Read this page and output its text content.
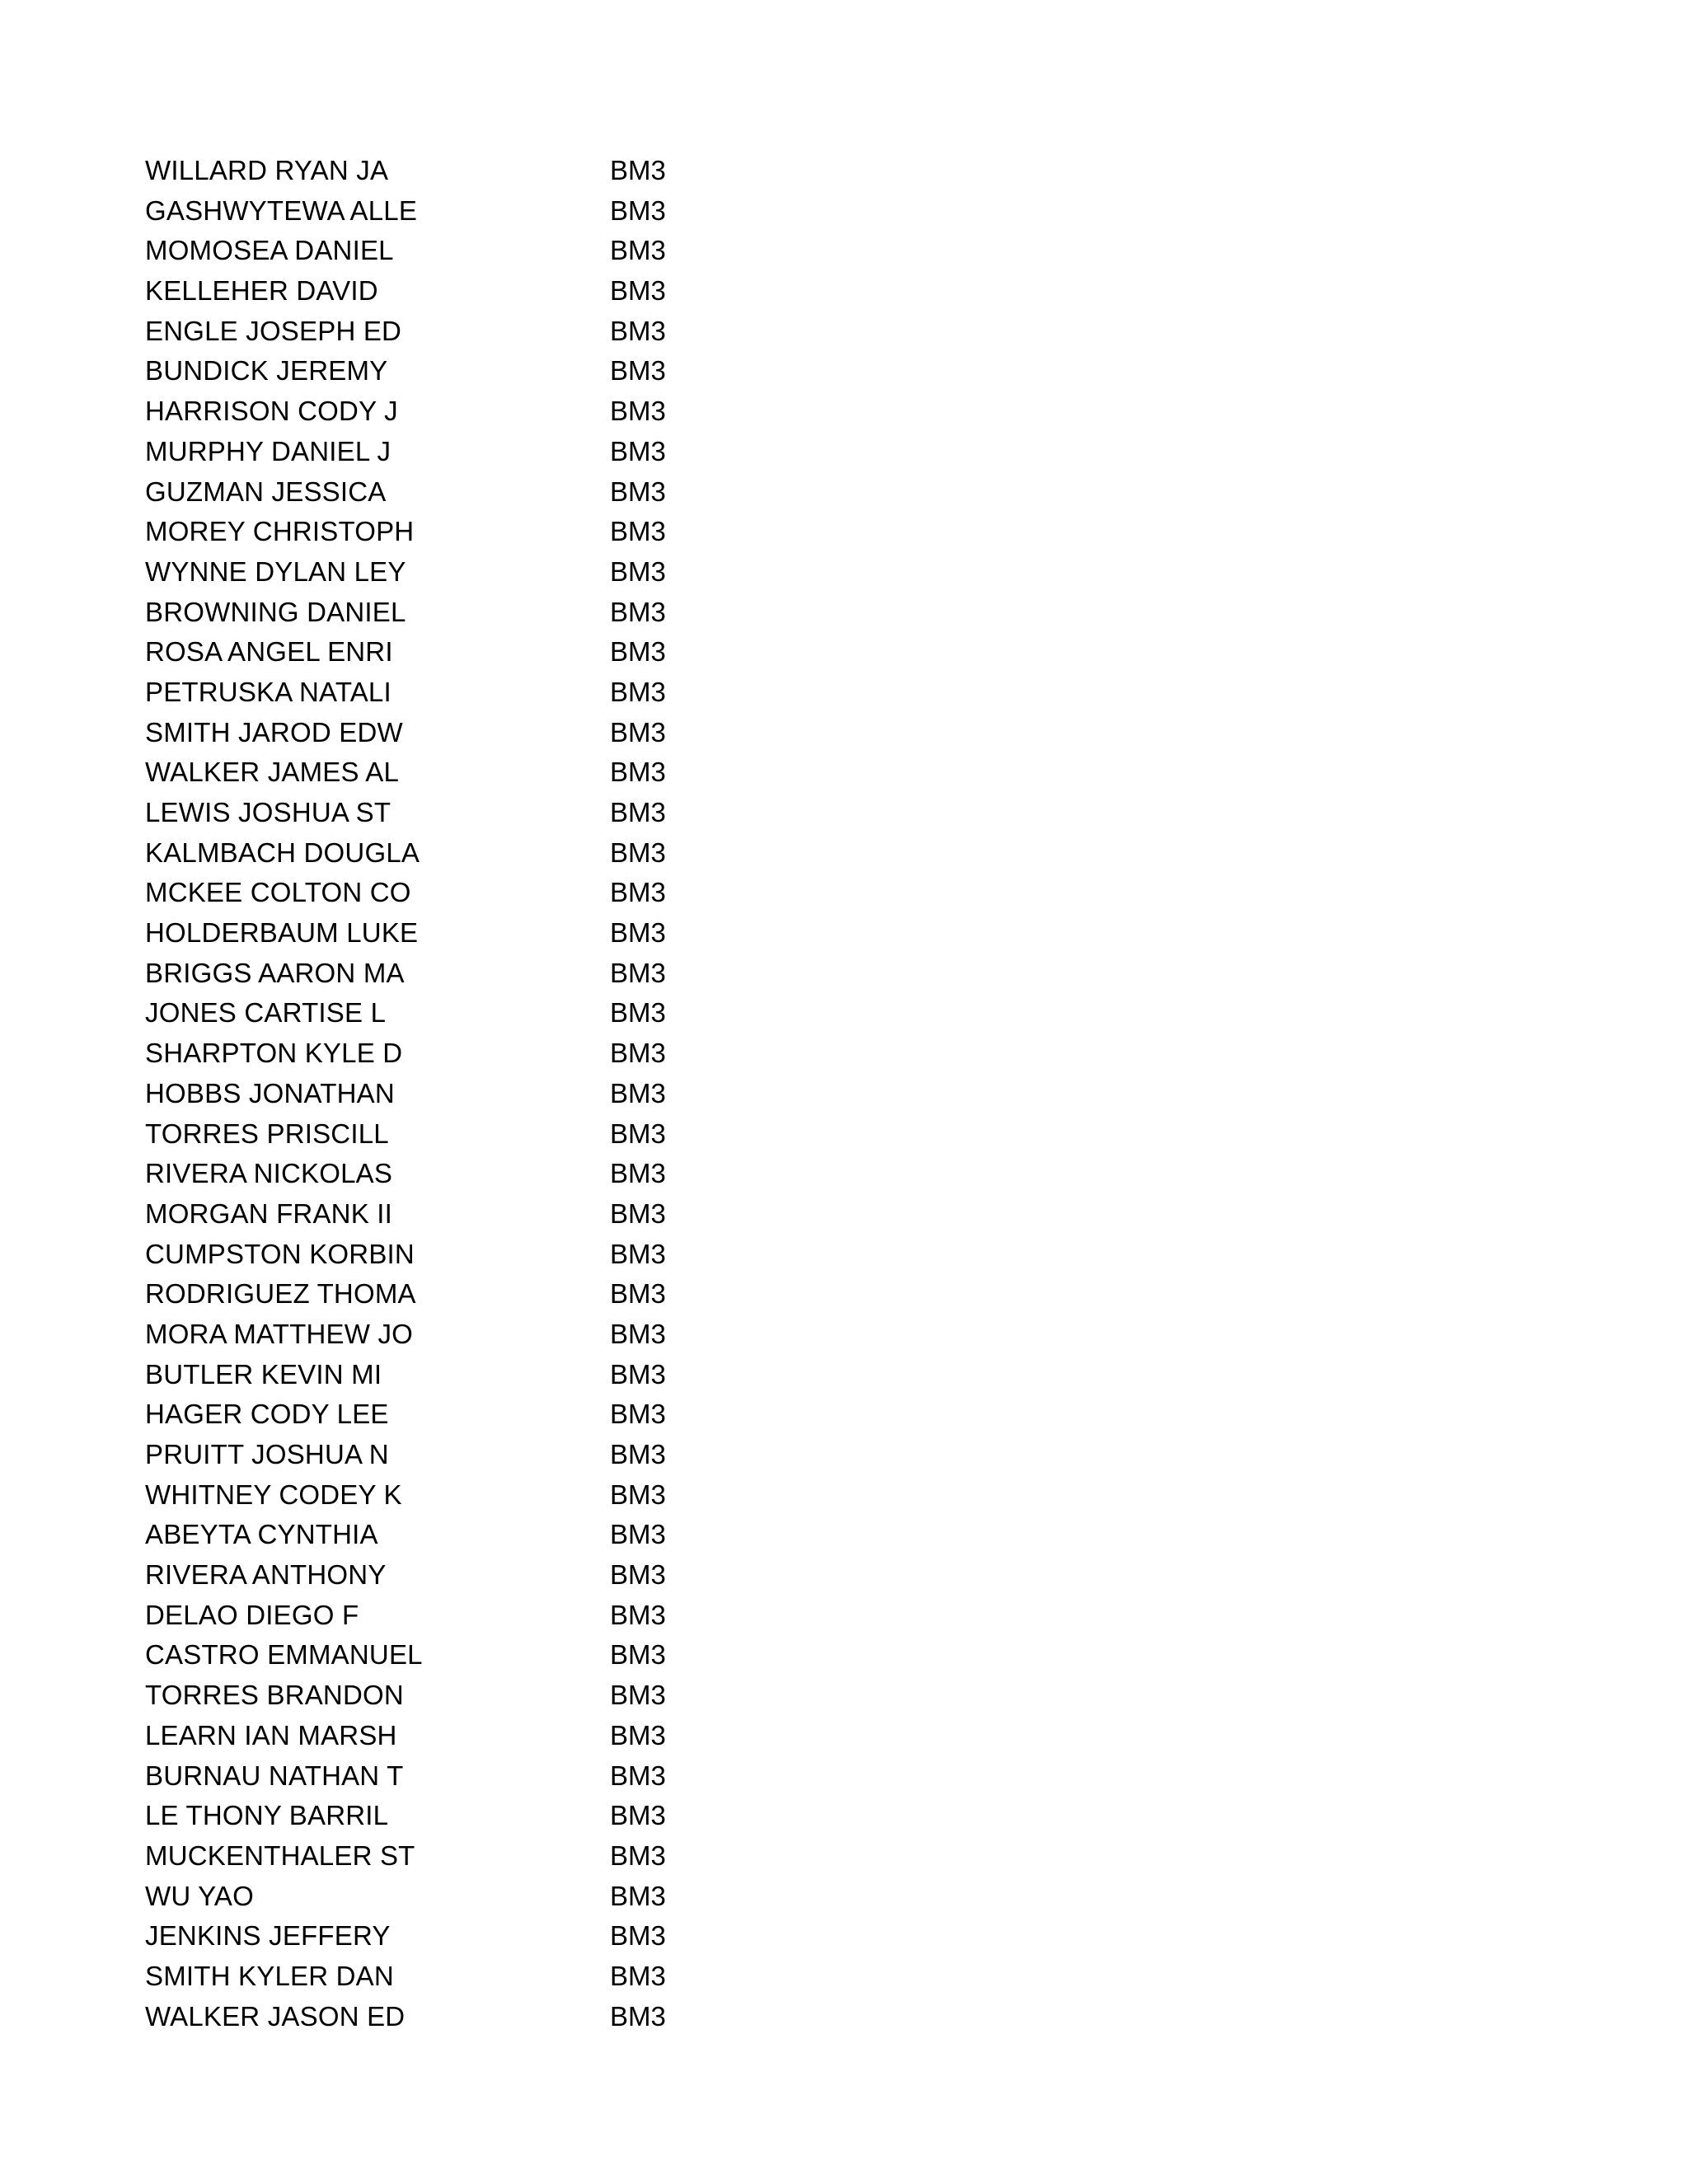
WILLARD RYAN JA	BM3
GASHWYTEWA ALLE	BM3
MOMOSEA DANIEL	BM3
KELLEHER DAVID	BM3
ENGLE JOSEPH ED	BM3
BUNDICK JEREMY	BM3
HARRISON CODY J	BM3
MURPHY DANIEL J	BM3
GUZMAN JESSICA	BM3
MOREY CHRISTOPH	BM3
WYNNE DYLAN LEY	BM3
BROWNING DANIEL	BM3
ROSA ANGEL ENRI	BM3
PETRUSKA NATALI	BM3
SMITH JAROD EDW	BM3
WALKER JAMES AL	BM3
LEWIS JOSHUA ST	BM3
KALMBACH DOUGLA	BM3
MCKEE COLTON CO	BM3
HOLDERBAUM LUKE	BM3
BRIGGS AARON MA	BM3
JONES CARTISE L	BM3
SHARPTON KYLE D	BM3
HOBBS JONATHAN	BM3
TORRES PRISCILL	BM3
RIVERA NICKOLAS	BM3
MORGAN FRANK II	BM3
CUMPSTON KORBIN	BM3
RODRIGUEZ THOMA	BM3
MORA MATTHEW JO	BM3
BUTLER KEVIN MI	BM3
HAGER CODY LEE	BM3
PRUITT JOSHUA N	BM3
WHITNEY CODEY K	BM3
ABEYTA CYNTHIA	BM3
RIVERA ANTHONY	BM3
DELAO DIEGO F	BM3
CASTRO EMMANUEL	BM3
TORRES BRANDON	BM3
LEARN IAN MARSH	BM3
BURNAU NATHAN T	BM3
LE THONY BARRIL	BM3
MUCKENTHALER ST	BM3
WU YAO	BM3
JENKINS JEFFERY	BM3
SMITH KYLER DAN	BM3
WALKER JASON ED	BM3
